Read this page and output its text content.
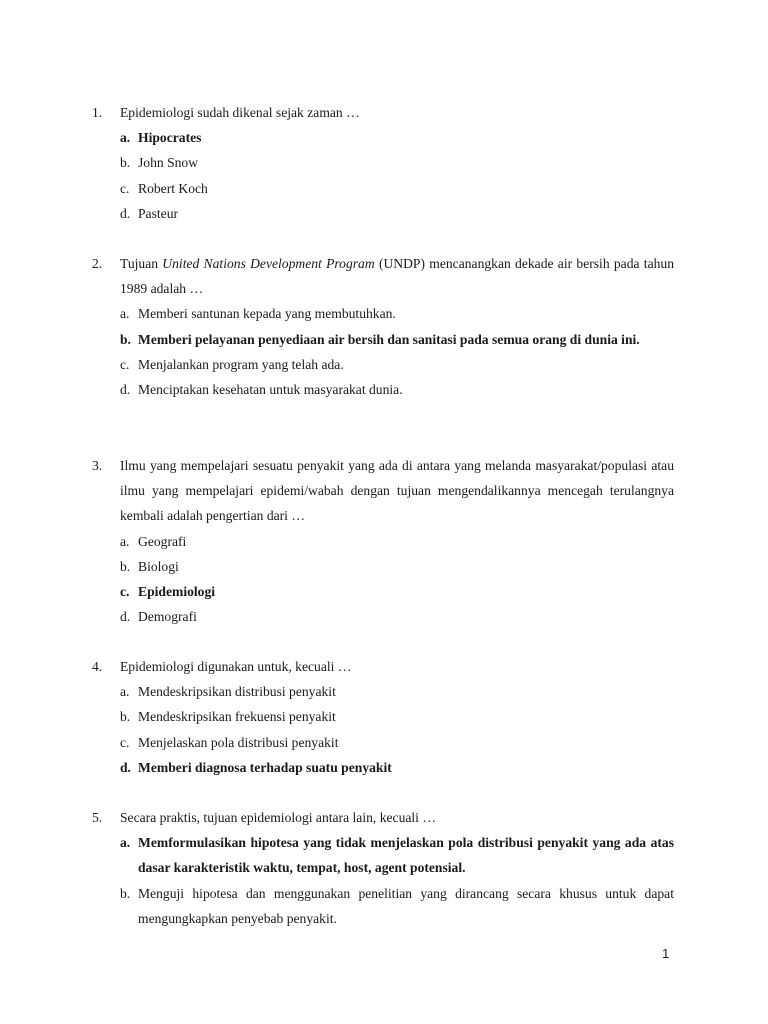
1. Epidemiologi sudah dikenal sejak zaman …
a. Hipocrates
b. John Snow
c. Robert Koch
d. Pasteur
2. Tujuan United Nations Development Program (UNDP) mencanangkan dekade air bersih pada tahun 1989 adalah …
a. Memberi santunan kepada yang membutuhkan.
b. Memberi pelayanan penyediaan air bersih dan sanitasi pada semua orang di dunia ini.
c. Menjalankan program yang telah ada.
d. Menciptakan kesehatan untuk masyarakat dunia.
3. Ilmu yang mempelajari sesuatu penyakit yang ada di antara yang melanda masyarakat/populasi atau ilmu yang mempelajari epidemi/wabah dengan tujuan mengendalikannya mencegah terulangnya kembali adalah pengertian dari …
a. Geografi
b. Biologi
c. Epidemiologi
d. Demografi
4. Epidemiologi digunakan untuk, kecuali …
a. Mendeskripsikan distribusi penyakit
b. Mendeskripsikan frekuensi penyakit
c. Menjelaskan pola distribusi penyakit
d. Memberi diagnosa terhadap suatu penyakit
5. Secara praktis, tujuan epidemiologi antara lain, kecuali …
a. Memformulasikan hipotesa yang tidak menjelaskan pola distribusi penyakit yang ada atas dasar karakteristik waktu, tempat, host, agent potensial.
b. Menguji hipotesa dan menggunakan penelitian yang dirancang secara khusus untuk dapat mengungkapkan penyebab penyakit.
1
